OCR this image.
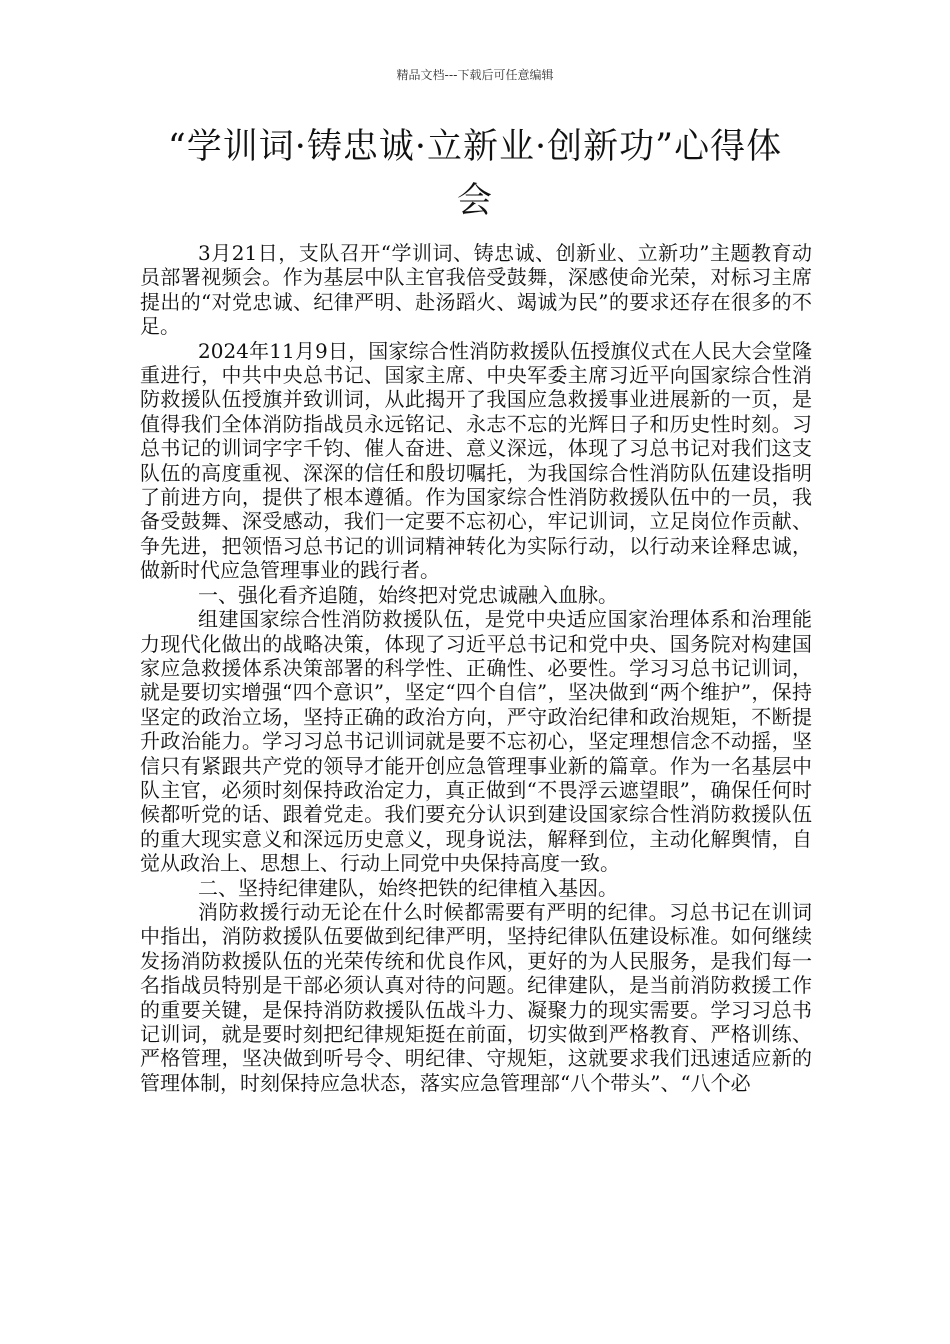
精品文档---下载后可任意编辑
“学训词·铸忠诚·立新业·创新功”心得体会

3月21日，支队召开“学训词、铸忠诚、创新业、立新功”主题教育动员部署视频会。作为基层中队主官我倍受鼓舞，深感使命光荣，对标习主席提出的“对党忠诚、纪律严明、赴汤蹈火、竭诚为民”的要求还存在很多的不足。

2024年11月9日，国家综合性消防救援队伍授旗仪式在人民大会堂隆重进行，中共中央总书记、国家主席、中央军委主席习近平向国家综合性消防救援队伍授旗并致训词，从此揭开了我国应急救援事业进展新的一页，是值得我们全体消防指战员永远铭记、永志不忘的光辉日子和历史性时刻。习总书记的训词字字千钧、催人奋进、意义深远，体现了习总书记对我们这支队伍的高度重视、深深的信任和殷切嘱托，为我国综合性消防队伍建设指明了前进方向，提供了根本遵循。作为国家综合性消防救援队伍中的一员，我备受鼓舞、深受感动，我们一定要不忘初心，牢记训词，立足岗位作贡献、争先进，把领悟习总书记的训词精神转化为实际行动，以行动来诠释忠诚，做新时代应急管理事业的践行者。

一、强化看齐追随，始终把对党忠诚融入血脉。

组建国家综合性消防救援队伍，是党中央适应国家治理体系和治理能力现代化做出的战略决策，体现了习近平总书记和党中央、国务院对构建国家应急救援体系决策部署的科学性、正确性、必要性。学习习总书记训词，就是要切实增强“四个意识”，坚定“四个自信”，坚决做到“两个维护”，保持坚定的政治立场，坚持正确的政治方向，严守政治纪律和政治规矩，不断提升政治能力。学习习总书记训词就是要不忘初心，坚定理想信念不动摇，坚信只有紧跟共产党的领导才能开创应急管理事业新的篇章。作为一名基层中队主官，必须时刻保持政治定力，真正做到“不畏浮云遮望眼”，确保任何时候都听党的话、跟着党走。我们要充分认识到建设国家综合性消防救援队伍的重大现实意义和深远历史意义，现身说法，解释到位，主动化解舆情，自觉从政治上、思想上、行动上同党中央保持高度一致。

二、坚持纪律建队，始终把铁的纪律植入基因。

消防救援行动无论在什么时候都需要有严明的纪律。习总书记在训词中指出，消防救援队伍要做到纪律严明，坚持纪律队伍建设标准。如何继续发扬消防救援队伍的光荣传统和优良作风，更好的为人民服务，是我们每一名指战员特别是干部必须认真对待的问题。纪律建队，是当前消防救援工作的重要关键，是保持消防救援队伍战斗力、凝聚力的现实需要。学习习总书记训词，就是要时刻把纪律规矩挺在前面，切实做到严格教育、严格训练、严格管理，坚决做到听号令、明纪律、守规矩，这就要求我们迅速适应新的管理体制，时刻保持应急状态，落实应急管理部“八个带头”、“八个必
